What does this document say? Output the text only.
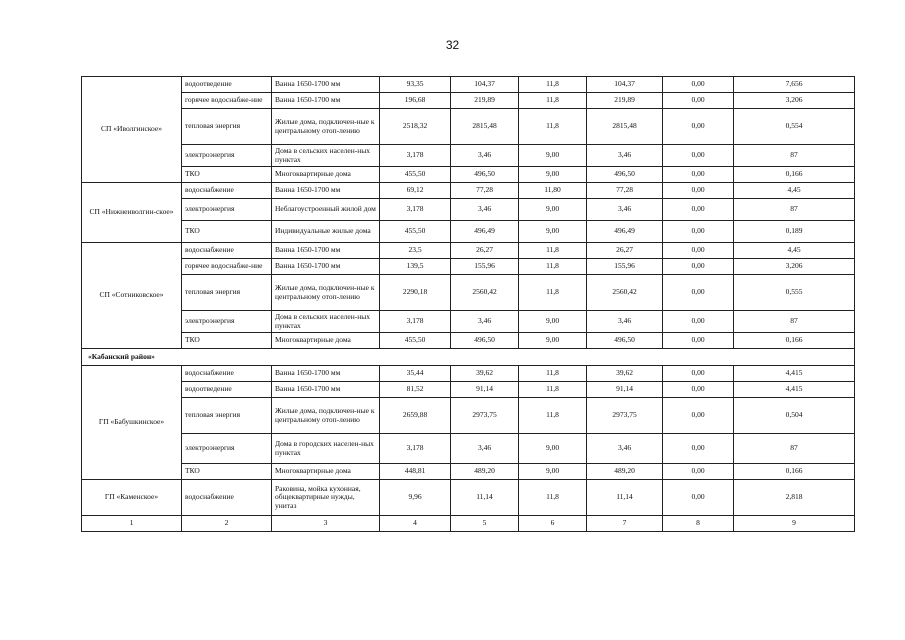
32
СП «Иволгинское»	водоотведение	Ванна 1650-1700 мм	93,35	104,37	11,8	104,37	0,00	7,656
	горячее водоснабже-ние	Ванна 1650-1700 мм	196,68	219,89	11,8	219,89	0,00	3,206
	тепловая энергия	Жилые дома, подключен-ные к центральному отоп-лению	2518,32	2815,48	11,8	2815,48	0,00	0,554
	электроэнергия	Дома в сельских населен-ных пунктах	3,178	3,46	9,00	3,46	0,00	87
	ТКО	Многоквартирные дома	455,50	496,50	9,00	496,50	0,00	0,166
СП «Нижнеиволгин-ское»	водоснабжение	Ванна 1650-1700 мм	69,12	77,28	11,80	77,28	0,00	4,45
	электроэнергия	Неблагоустроенный жилой дом	3,178	3,46	9,00	3,46	0,00	87
	ТКО	Индивидуальные жилые дома	455,50	496,49	9,00	496,49	0,00	0,189
СП «Сотниковское»	водоснабжение	Ванна 1650-1700 мм	23,5	26,27	11,8	26,27	0,00	4,45
	горячее водоснабже-ние	Ванна 1650-1700 мм	139,5	155,96	11,8	155,96	0,00	3,206
	тепловая энергия	Жилые дома, подключен-ные к центральному отоп-лению	2290,18	2560,42	11,8	2560,42	0,00	0,555
	электроэнергия	Дома в сельских населен-ных пунктах	3,178	3,46	9,00	3,46	0,00	87
	ТКО	Многоквартирные дома	455,50	496,50	9,00	496,50	0,00	0,166
«Кабанский район»								
ГП «Бабушкинское»	водоснабжение	Ванна 1650-1700 мм	35,44	39,62	11,8	39,62	0,00	4,415
	водоотведение	Ванна 1650-1700 мм	81,52	91,14	11,8	91,14	0,00	4,415
	тепловая энергия	Жилые дома, подключен-ные к центральному отоп-лению	2659,88	2973,75	11,8	2973,75	0,00	0,504
	электроэнергия	Дома в городских населен-ных пунктах	3,178	3,46	9,00	3,46	0,00	87
	ТКО	Многоквартирные дома	448,81	489,20	9,00	489,20	0,00	0,166
ГП «Каменское»	водоснабжение	Раковина, мойка кухонная, общеквартирные нужды, унитаз	9,96	11,14	11,8	11,14	0,00	2,818
1	2	3	4	5	6	7	8	9
